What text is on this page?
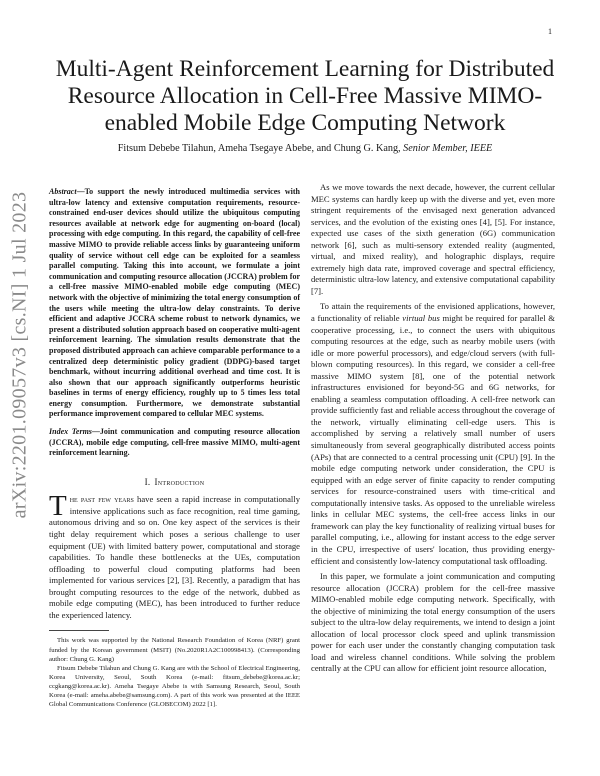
1
arXiv:2201.09057v3 [cs.NI] 1 Jul 2023
Multi-Agent Reinforcement Learning for Distributed Resource Allocation in Cell-Free Massive MIMO-enabled Mobile Edge Computing Network
Fitsum Debebe Tilahun, Ameha Tsegaye Abebe, and Chung G. Kang, Senior Member, IEEE

Abstract—To support the newly introduced multimedia services with ultra-low latency and extensive computation requirements, resource-constrained end-user devices should utilize the ubiquitous computing resources available at network edge for augmenting on-board (local) processing with edge computing. In this regard, the capability of cell-free massive MIMO to provide reliable access links by guaranteeing uniform quality of service without cell edge can be exploited for a seamless parallel computing. Taking this into account, we formulate a joint communication and computing resource allocation (JCCRA) problem for a cell-free massive MIMO-enabled mobile edge computing (MEC) network with the objective of minimizing the total energy consumption of the users while meeting the ultra-low delay constraints. To derive efficient and adaptive JCCRA scheme robust to network dynamics, we present a distributed solution approach based on cooperative multi-agent reinforcement learning. The simulation results demonstrate that the proposed distributed approach can achieve comparable performance to a centralized deep deterministic policy gradient (DDPG)-based target benchmark, without incurring additional overhead and time cost. It is also shown that our approach significantly outperforms heuristic baselines in terms of energy efficiency, roughly up to 5 times less total energy consumption. Furthermore, we demonstrate substantial performance improvement compared to cellular MEC systems.

Index Terms—Joint communication and computing resource allocation (JCCRA), mobile edge computing, cell-free massive MIMO, multi-agent reinforcement learning.

I. Introduction

The past few years have seen a rapid increase in computationally intensive applications such as face recognition, real time gaming, autonomous driving and so on. One key aspect of the services is their tight delay requirement which poses a serious challenge to user equipment (UE) with limited battery power, computational and storage capabilities. To handle these bottlenecks at the UEs, computation offloading to powerful cloud computing platforms had been implemented for various services [2], [3]. Recently, a paradigm that has brought computing resources to the edge of the network, dubbed as mobile edge computing (MEC), has been introduced to further reduce the experienced latency.

This work was supported by the National Research Foundation of Korea (NRF) grant funded by the Korean government (MSIT) (No.2020R1A2C100998413). (Corresponding author: Chung G. Kang)

Fitsum Debebe Tilahun and Chung G. Kang are with the School of Electrical Engineering, Korea University, Seoul, South Korea (e-mail: fitsum_debebe@korea.ac.kr; ccgkang@korea.ac.kr). Ameha Tsegaye Abebe is with Samsung Research, Seoul, South Korea (e-mail: ameha.abebe@samsung.com). A part of this work was presented at the IEEE Global Communications Conference (GLOBECOM) 2022 [1].

As we move towards the next decade, however, the current cellular MEC systems can hardly keep up with the diverse and yet, even more stringent requirements of the envisaged next generation advanced services, and the evolution of the existing ones [4], [5]. For instance, expected use cases of the sixth generation (6G) communication network [6], such as multi-sensory extended reality (augmented, virtual, and mixed reality), and holographic displays, require extremely high data rate, improved coverage and spectral efficiency, deterministic ultra-low latency, and extensive computational capability [7].

To attain the requirements of the envisioned applications, however, a functionality of reliable virtual bus might be required for parallel & cooperative processing, i.e., to connect the users with ubiquitous computing resources at the edge, such as nearby mobile users (with idle or more powerful processors), and edge/cloud servers (with full-blown computing resources). In this regard, we consider a cell-free massive MIMO system [8], one of the potential network infrastructures envisioned for beyond-5G and 6G networks, for enabling a seamless computation offloading. A cell-free network can provide sufficiently fast and reliable access throughout the coverage of the network, virtually eliminating cell-edge users. This is accomplished by serving a relatively small number of users simultaneously from several geographically distributed access points (APs) that are connected to a central processing unit (CPU) [9]. In the mobile edge computing network under consideration, the CPU is equipped with an edge server of finite capacity to render computing services for resource-constrained users with time-critical and computationally intensive tasks. As opposed to the unreliable wireless links in cellular MEC systems, the cell-free access links in our framework can play the key functionality of realizing virtual buses for parallel computing, i.e., allowing for instant access to the edge server in the CPU, irrespective of users' location, thus providing energy-efficient and consistently low-latency computational task offloading.

In this paper, we formulate a joint communication and computing resource allocation (JCCRA) problem for the cell-free massive MIMO-enabled mobile edge computing network. Specifically, with the objective of minimizing the total energy consumption of the users subject to the ultra-low delay requirements, we intend to design a joint allocation of local processor clock speed and uplink transmission power for each user under the constantly changing computation task load and wireless channel conditions. While solving the problem centrally at the CPU can allow for efficient joint resource allocation,
